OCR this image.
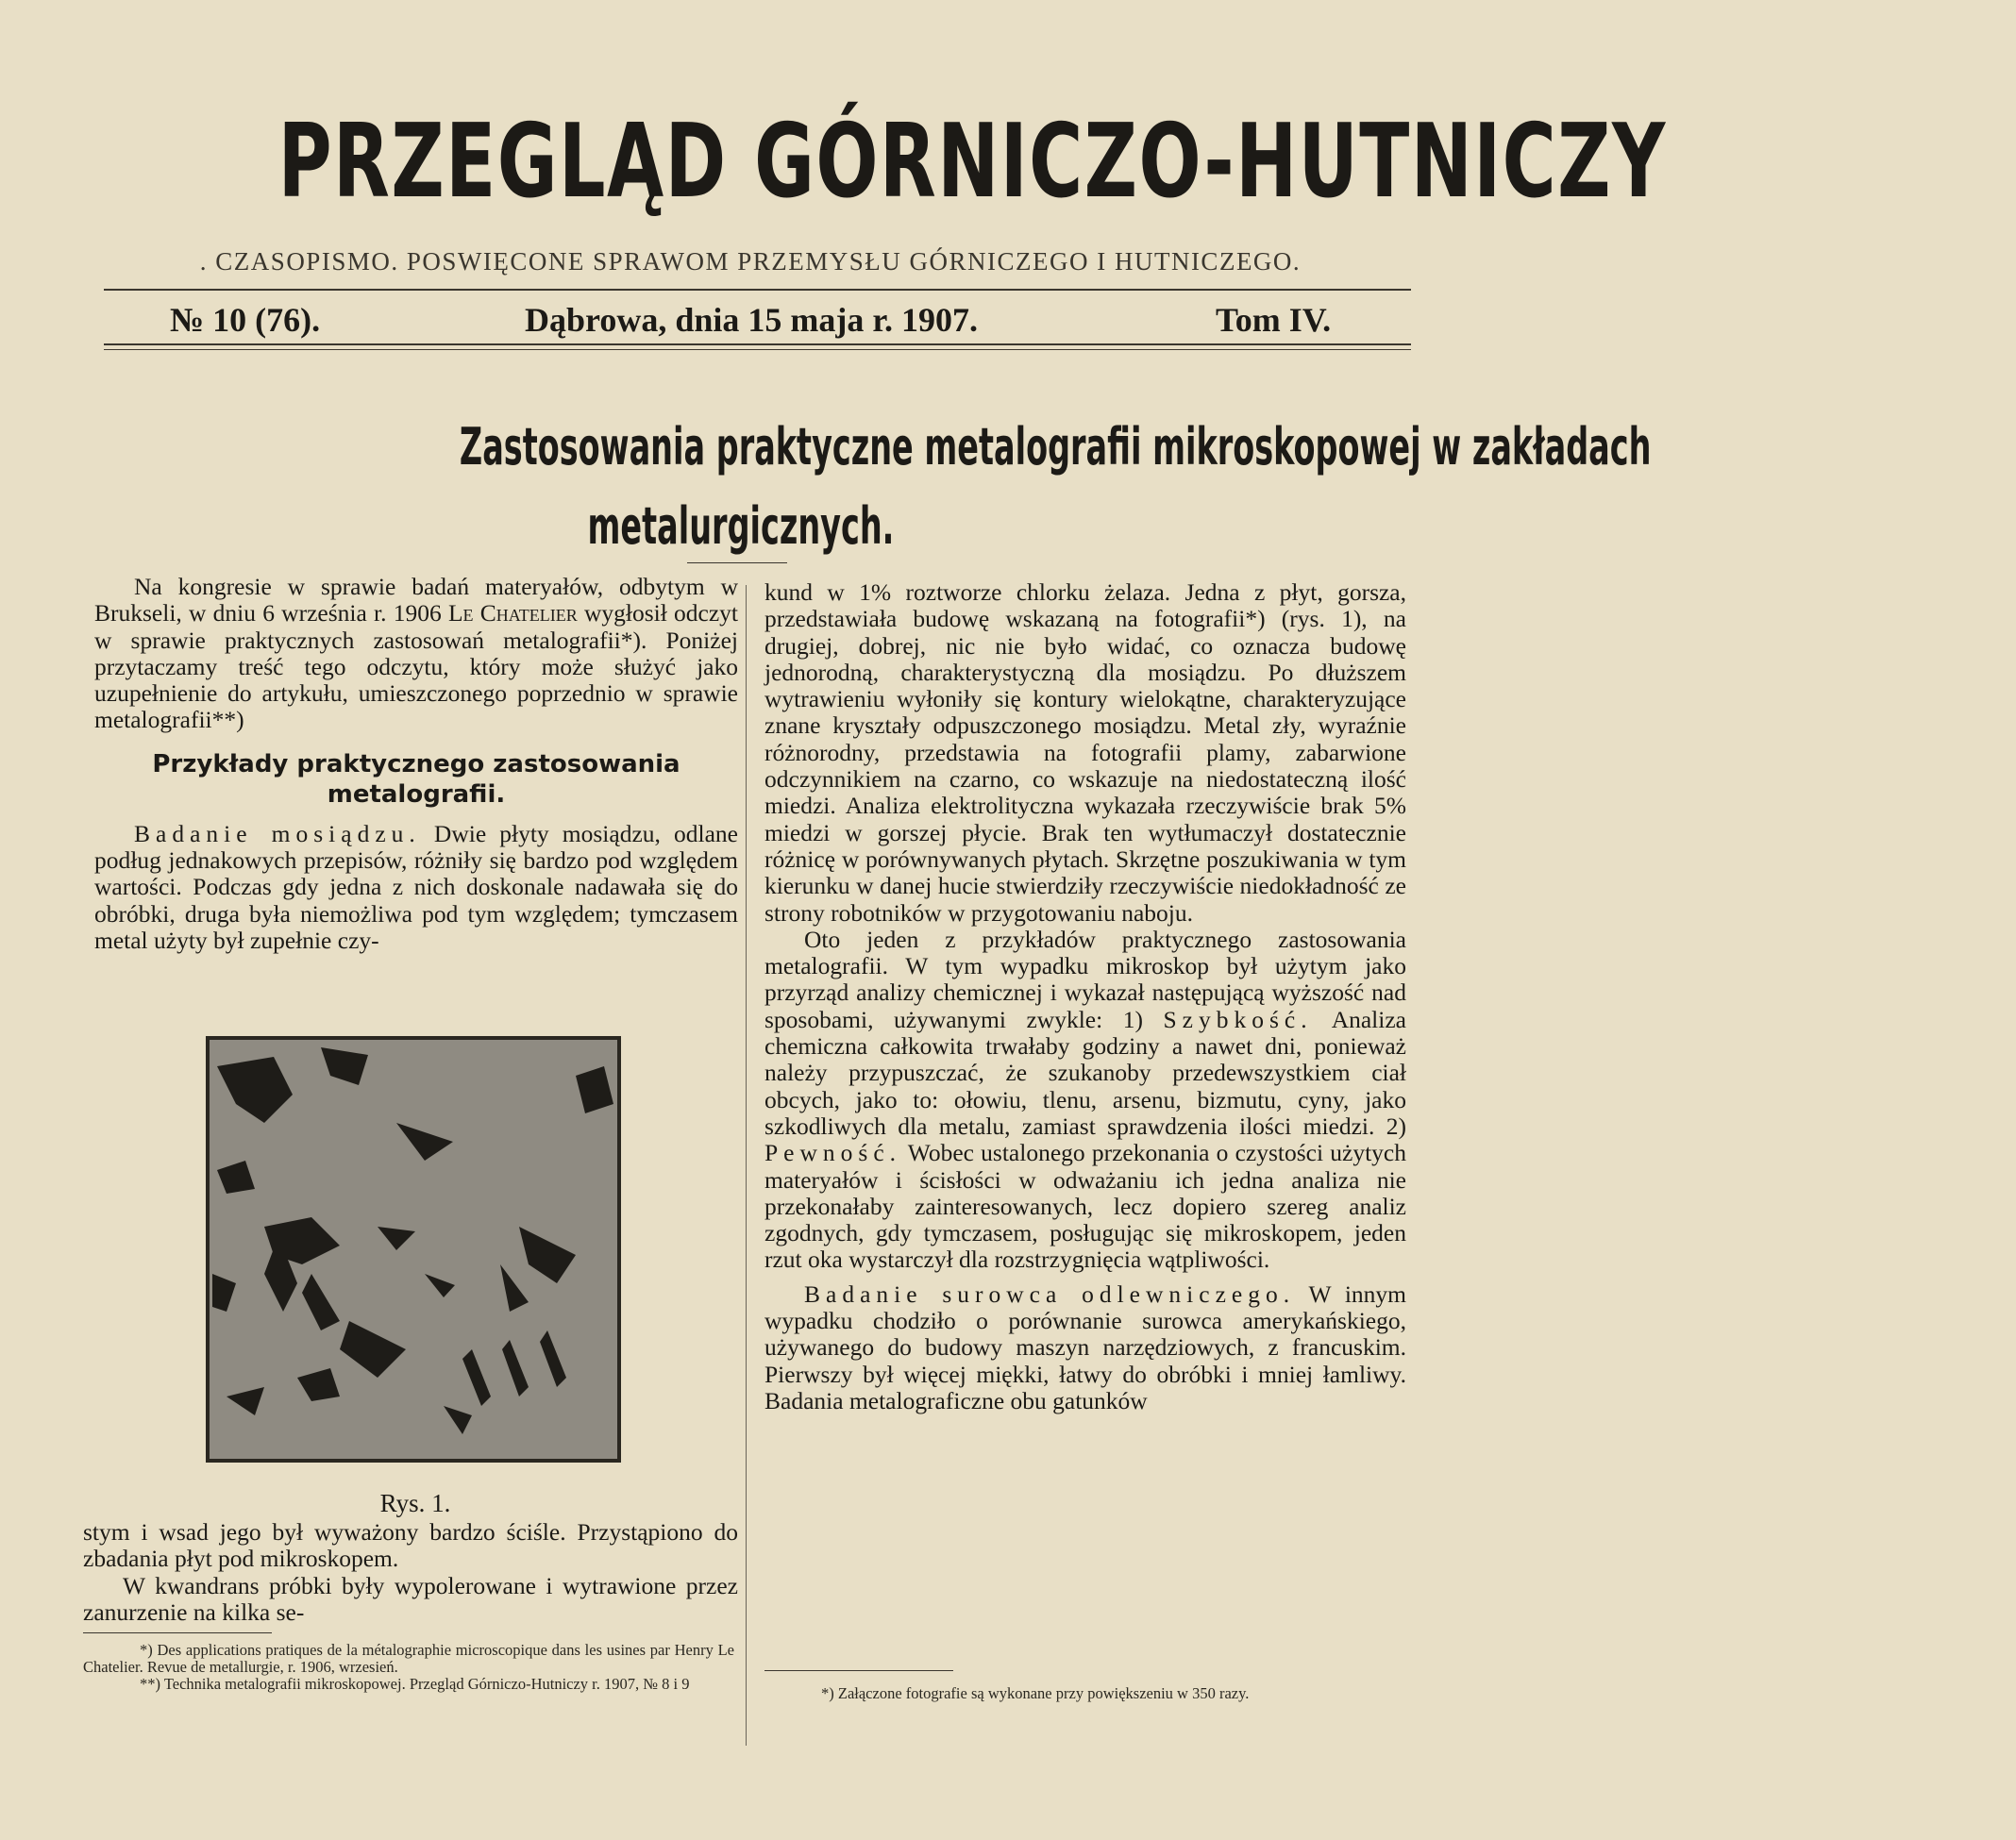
PRZEGLĄD GÓRNICZO-HUTNICZY
. CZASOPISMO. POSWIĘCONE SPRAWOM PRZEMYSŁU GÓRNICZEGO I HUTNICZEGO.
№ 10 (76).	Dąbrowa, dnia 15 maja r. 1907.	Tom IV.
Zastosowania praktyczne metalografii mikroskopowej w zakładach
metalurgicznych.

Na kongresie w sprawie badań materyałów, odbytym w Brukseli, w dniu 6 września r. 1906 Le Chatelier wygłosił odczyt w sprawie praktycznych zastosowań metalografii*). Poniżej przytaczamy treść tego odczytu, który może służyć jako uzupełnienie do artykułu, umieszczonego poprzednio w sprawie metalografii**)

Przykłady praktycznego zastosowania metalografii.

Badanie mosiądzu. Dwie płyty mosiądzu, odlane podług jednakowych przepisów, różniły się bardzo pod względem wartości. Podczas gdy jedna z nich doskonale nadawała się do obróbki, druga była niemożliwa pod tym względem; tymczasem metal użyty był zupełnie czy-

Rys. 1.

stym i wsad jego był wyważony bardzo ściśle. Przystąpiono do zbadania płyt pod mikroskopem.

W kwandrans próbki były wypolerowane i wytrawione przez zanurzenie na kilka se-

*) Des applications pratiques de la métalographie microscopique dans les usines par Henry Le Chatelier. Revue de metallurgie, r. 1906, wrzesień.

**) Technika metalografii mikroskopowej. Przegląd Górniczo-Hutniczy r. 1907, № 8 i 9

kund w 1% roztworze chlorku żelaza. Jedna z płyt, gorsza, przedstawiała budowę wskazaną na fotografii*) (rys. 1), na drugiej, dobrej, nic nie było widać, co oznacza budowę jednorodną, charakterystyczną dla mosiądzu. Po dłuższem wytrawieniu wyłoniły się kontury wielokątne, charakteryzujące znane kryształy odpuszczonego mosiądzu. Metal zły, wyraźnie różnorodny, przedstawia na fotografii plamy, zabarwione odczynnikiem na czarno, co wskazuje na niedostateczną ilość miedzi. Analiza elektrolityczna wykazała rzeczywiście brak 5% miedzi w gorszej płycie. Brak ten wytłumaczył dostatecznie różnicę w porównywanych płytach. Skrzętne poszukiwania w tym kierunku w danej hucie stwierdziły rzeczywiście niedokładność ze strony robotników w przygotowaniu naboju.

Oto jeden z przykładów praktycznego zastosowania metalografii. W tym wypadku mikroskop był użytym jako przyrząd analizy chemicznej i wykazał następującą wyższość nad sposobami, używanymi zwykle: 1) Szybkość. Analiza chemiczna całkowita trwałaby godziny a nawet dni, ponieważ należy przypuszczać, że szukanoby przedewszystkiem ciał obcych, jako to: ołowiu, tlenu, arsenu, bizmutu, cyny, jako szkodliwych dla metalu, zamiast sprawdzenia ilości miedzi. 2) Pewność. Wobec ustalonego przekonania o czystości użytych materyałów i ścisłości w odważaniu ich jedna analiza nie przekonałaby zainteresowanych, lecz dopiero szereg analiz zgodnych, gdy tymczasem, posługując się mikroskopem, jeden rzut oka wystarczył dla rozstrzygnięcia wątpliwości.

Badanie surowca odlewniczego. W innym wypadku chodziło o porównanie surowca amerykańskiego, używanego do budowy maszyn narzędziowych, z francuskim. Pierwszy był więcej miękki, łatwy do obróbki i mniej łamliwy. Badania metalograficzne obu gatunków

*) Załączone fotografie są wykonane przy powiększeniu w 350 razy.
